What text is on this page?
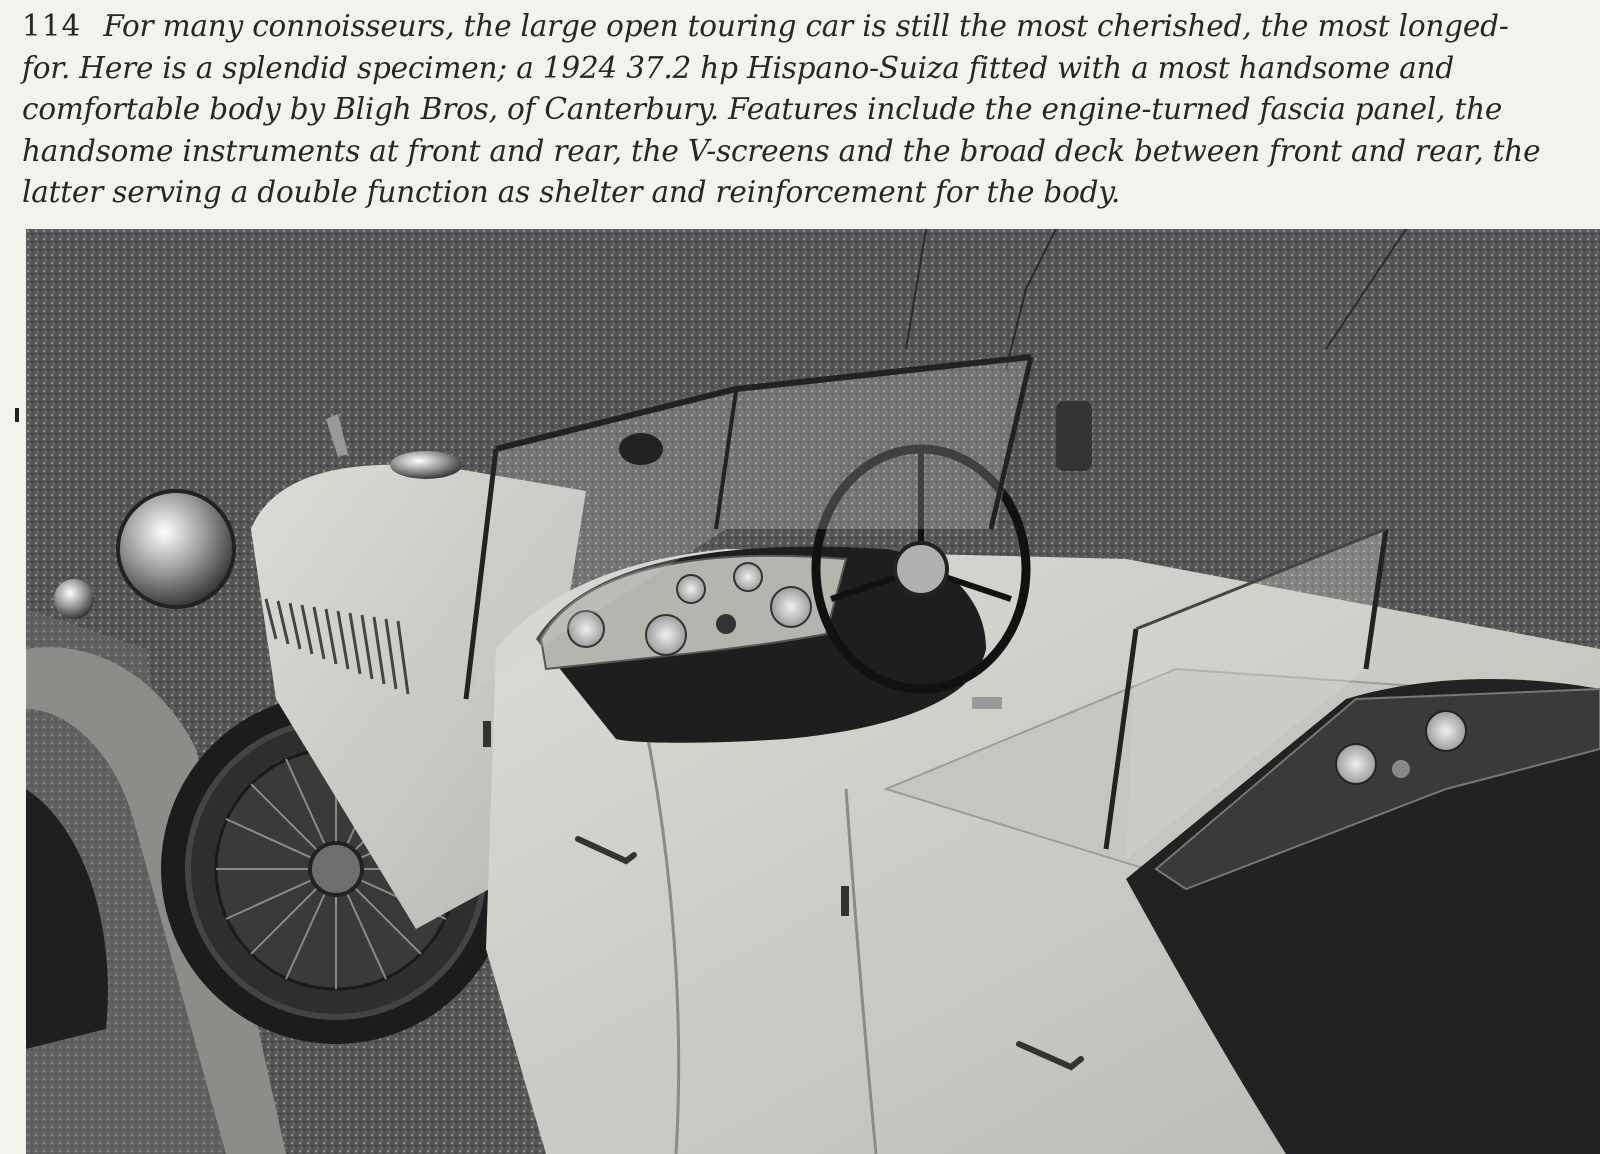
114 For many connoisseurs, the large open touring car is still the most cherished, the most longed-
for. Here is a splendid specimen; a 1924 37.2 hp Hispano-Suiza fitted with a most handsome and
comfortable body by Bligh Bros, of Canterbury. Features include the engine-turned fascia panel, the
handsome instruments at front and rear, the V-screens and the broad deck between front and rear, the
latter serving a double function as shelter and reinforcement for the body.
